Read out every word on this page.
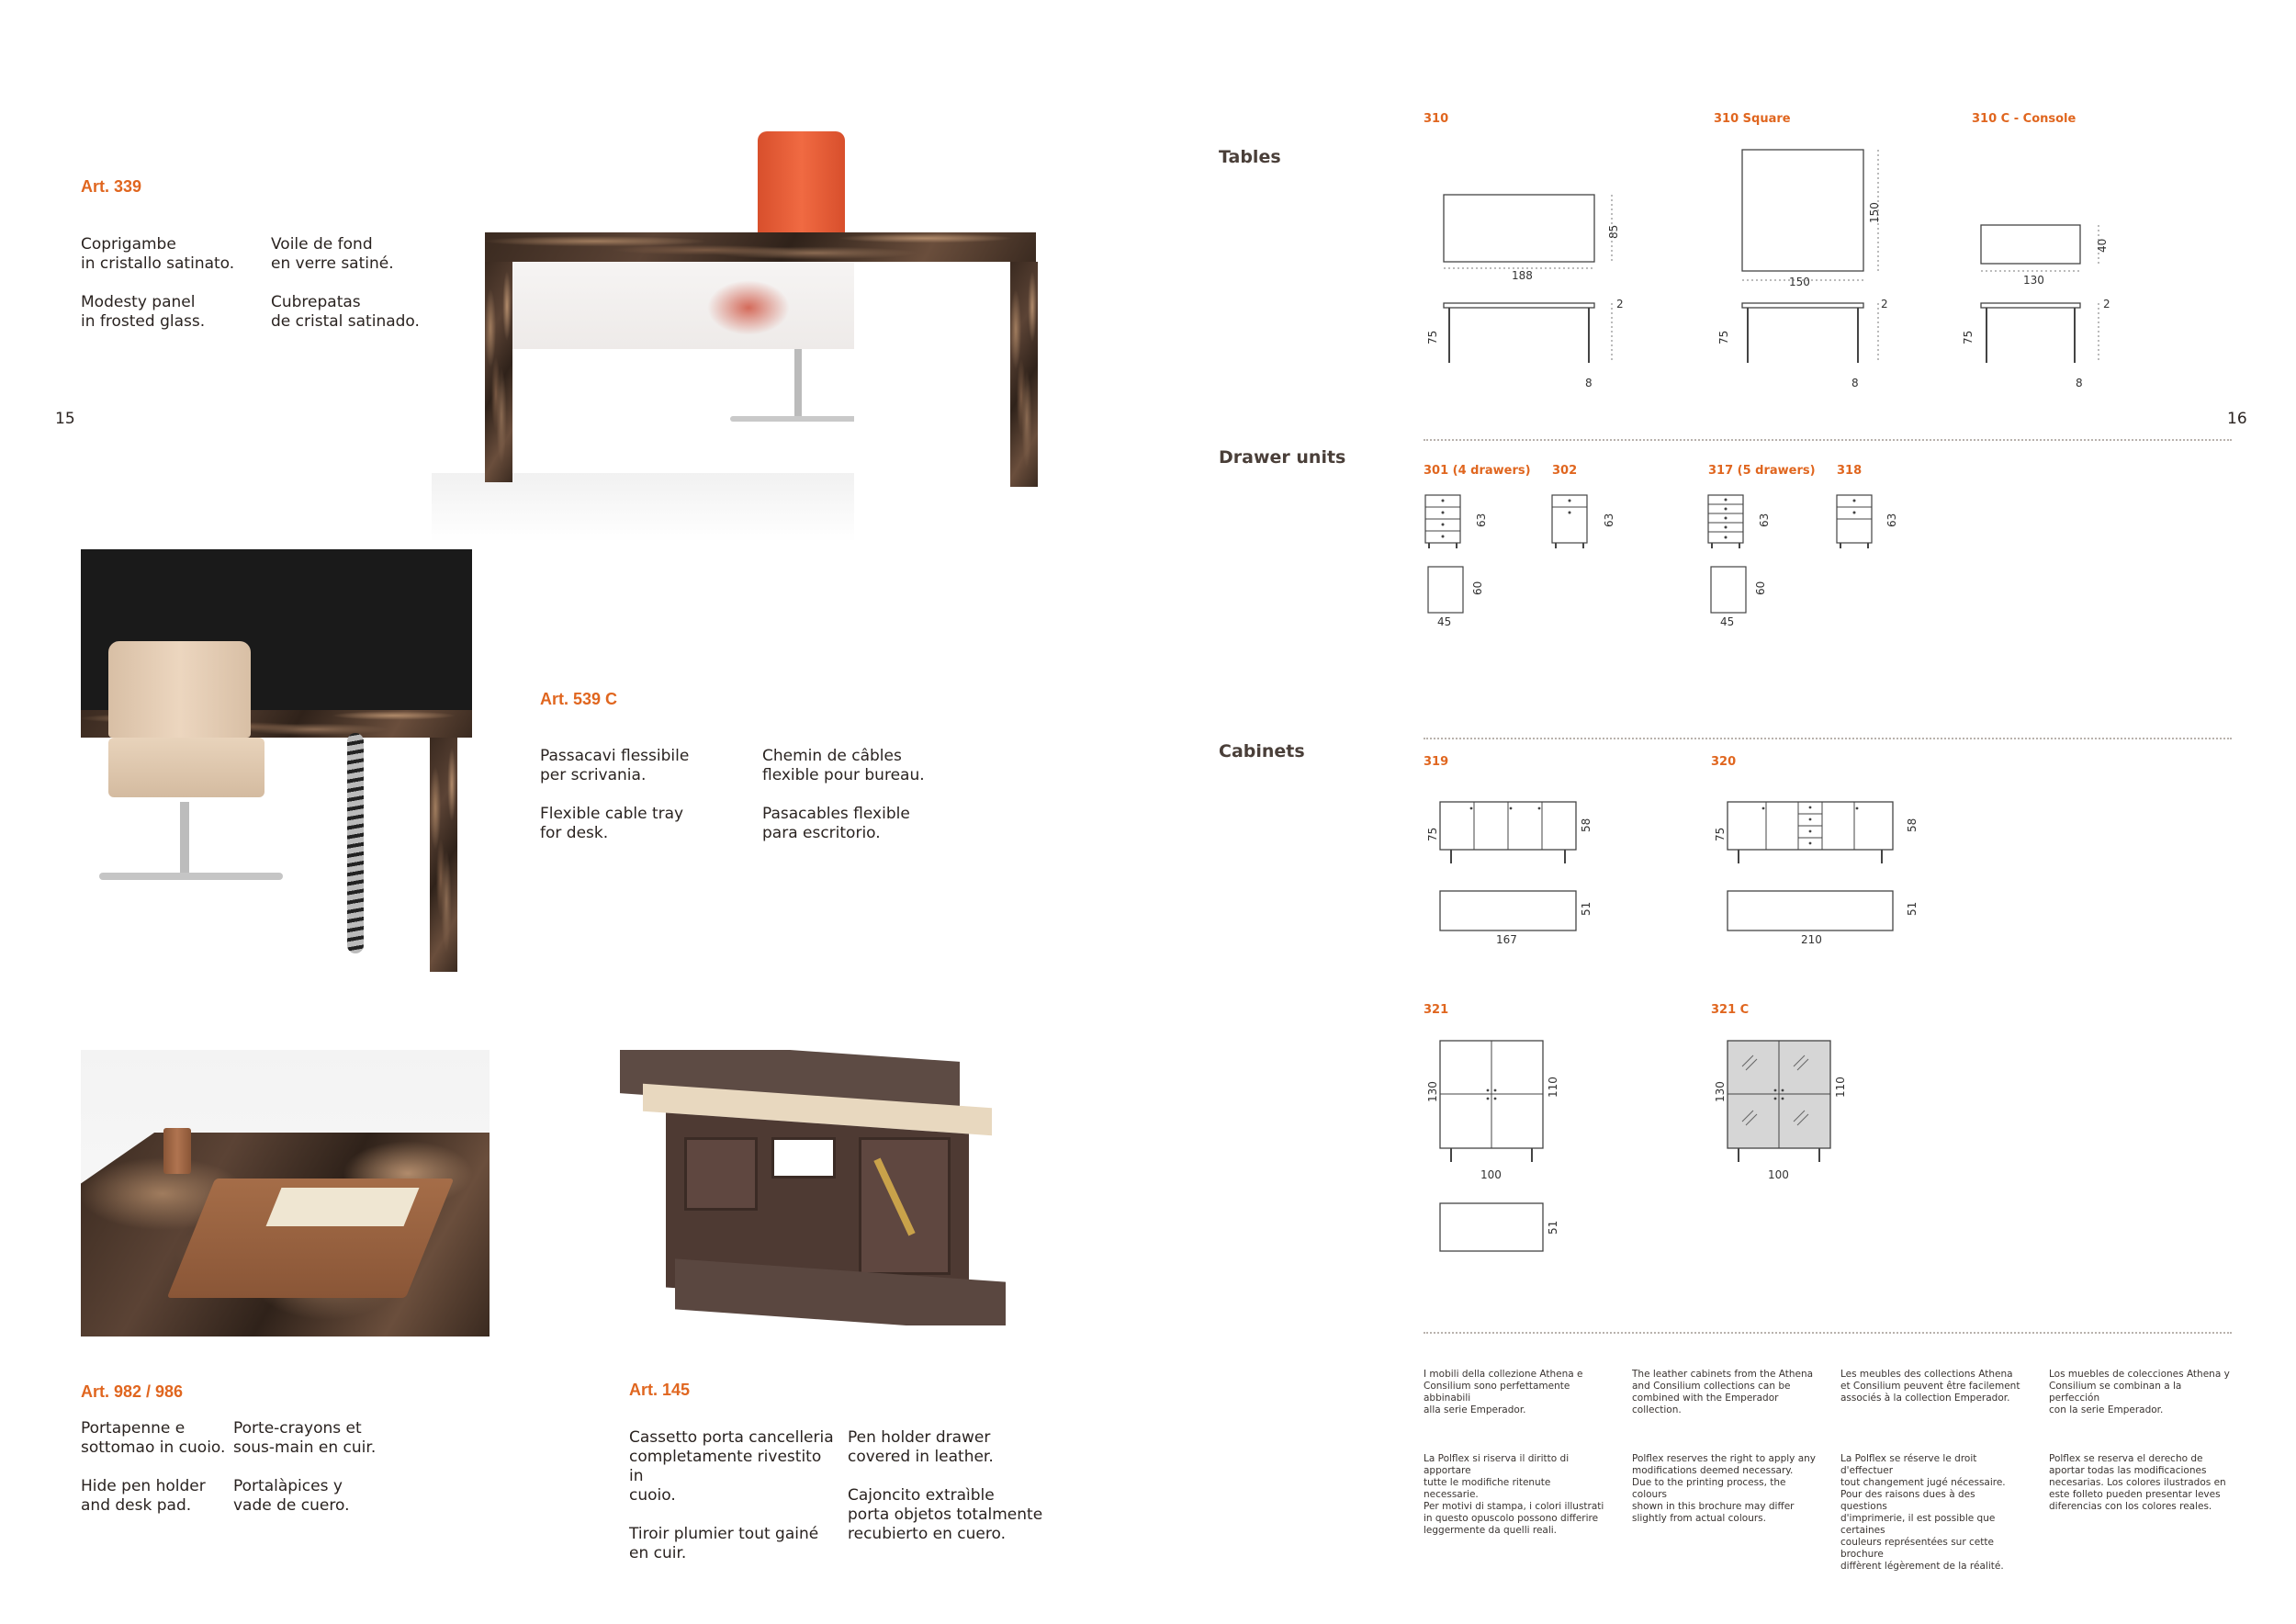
15
Art. 339
Coprigambe
in cristallo satinato.

Modesty panel
in frosted glass.
Voile de fond
en verre satiné.

Cubrepatas
de cristal satinado.
Art. 539 C
Passacavi flessibile
per scrivania.

Flexible cable tray
for desk.
Chemin de câbles
flexible pour bureau.

Pasacables flexible
para escritorio.
Art. 982 / 986
Portapenne e
sottomao in cuoio.

Hide pen holder
and desk pad.
Porte-crayons et
sous-main en cuir.

Portalàpices y
vade de cuero.
Art. 145
Cassetto porta cancelleria
completamente rivestito in
cuoio.

Tiroir plumier tout gainé
en cuir.
Pen holder drawer
covered in leather.

Cajoncito extraìble
porta objetos totalmente
recubierto en cuero.
16
Tables
Drawer units
Cabinets
310
188
85
2
75
8
310 Square
150
150
2
75
8
310 C - Console
130
40
2
75
8
301 (4 drawers)
63
60
45
302
63
317 (5 drawers)
63
60
45
318
63
319
75
58
167
51
320
75
58
210
51
321
130	110
100
51
321 C
130	110
100
I mobili della collezione Athena e
Consilium sono perfettamente abbinabili
alla serie Emperador.
The leather cabinets from the Athena
and Consilium collections can be
combined with the Emperador collection.
Les meubles des collections Athena
et Consilium peuvent être facilement
associés à la collection Emperador.
Los muebles de colecciones Athena y
Consilium se combinan a la perfección
con la serie Emperador.
La Polflex si riserva il diritto di apportare
tutte le modifiche ritenute necessarie.
Per motivi di stampa, i colori illustrati
in questo opuscolo possono differire
leggermente da quelli reali.
Polflex reserves the right to apply any
modifications deemed necessary.
Due to the printing process, the colours
shown in this brochure may differ
slightly from actual colours.
La Polflex se réserve le droit d'effectuer
tout changement jugé nécessaire.
Pour des raisons dues à des questions
d'imprimerie, il est possible que certaines
couleurs représentées sur cette brochure
diffèrent légèrement de la réalité.
Polflex se reserva el derecho de
aportar todas las modificaciones
necesarias. Los colores ilustrados en
este folleto pueden presentar leves
diferencias con los colores reales.
